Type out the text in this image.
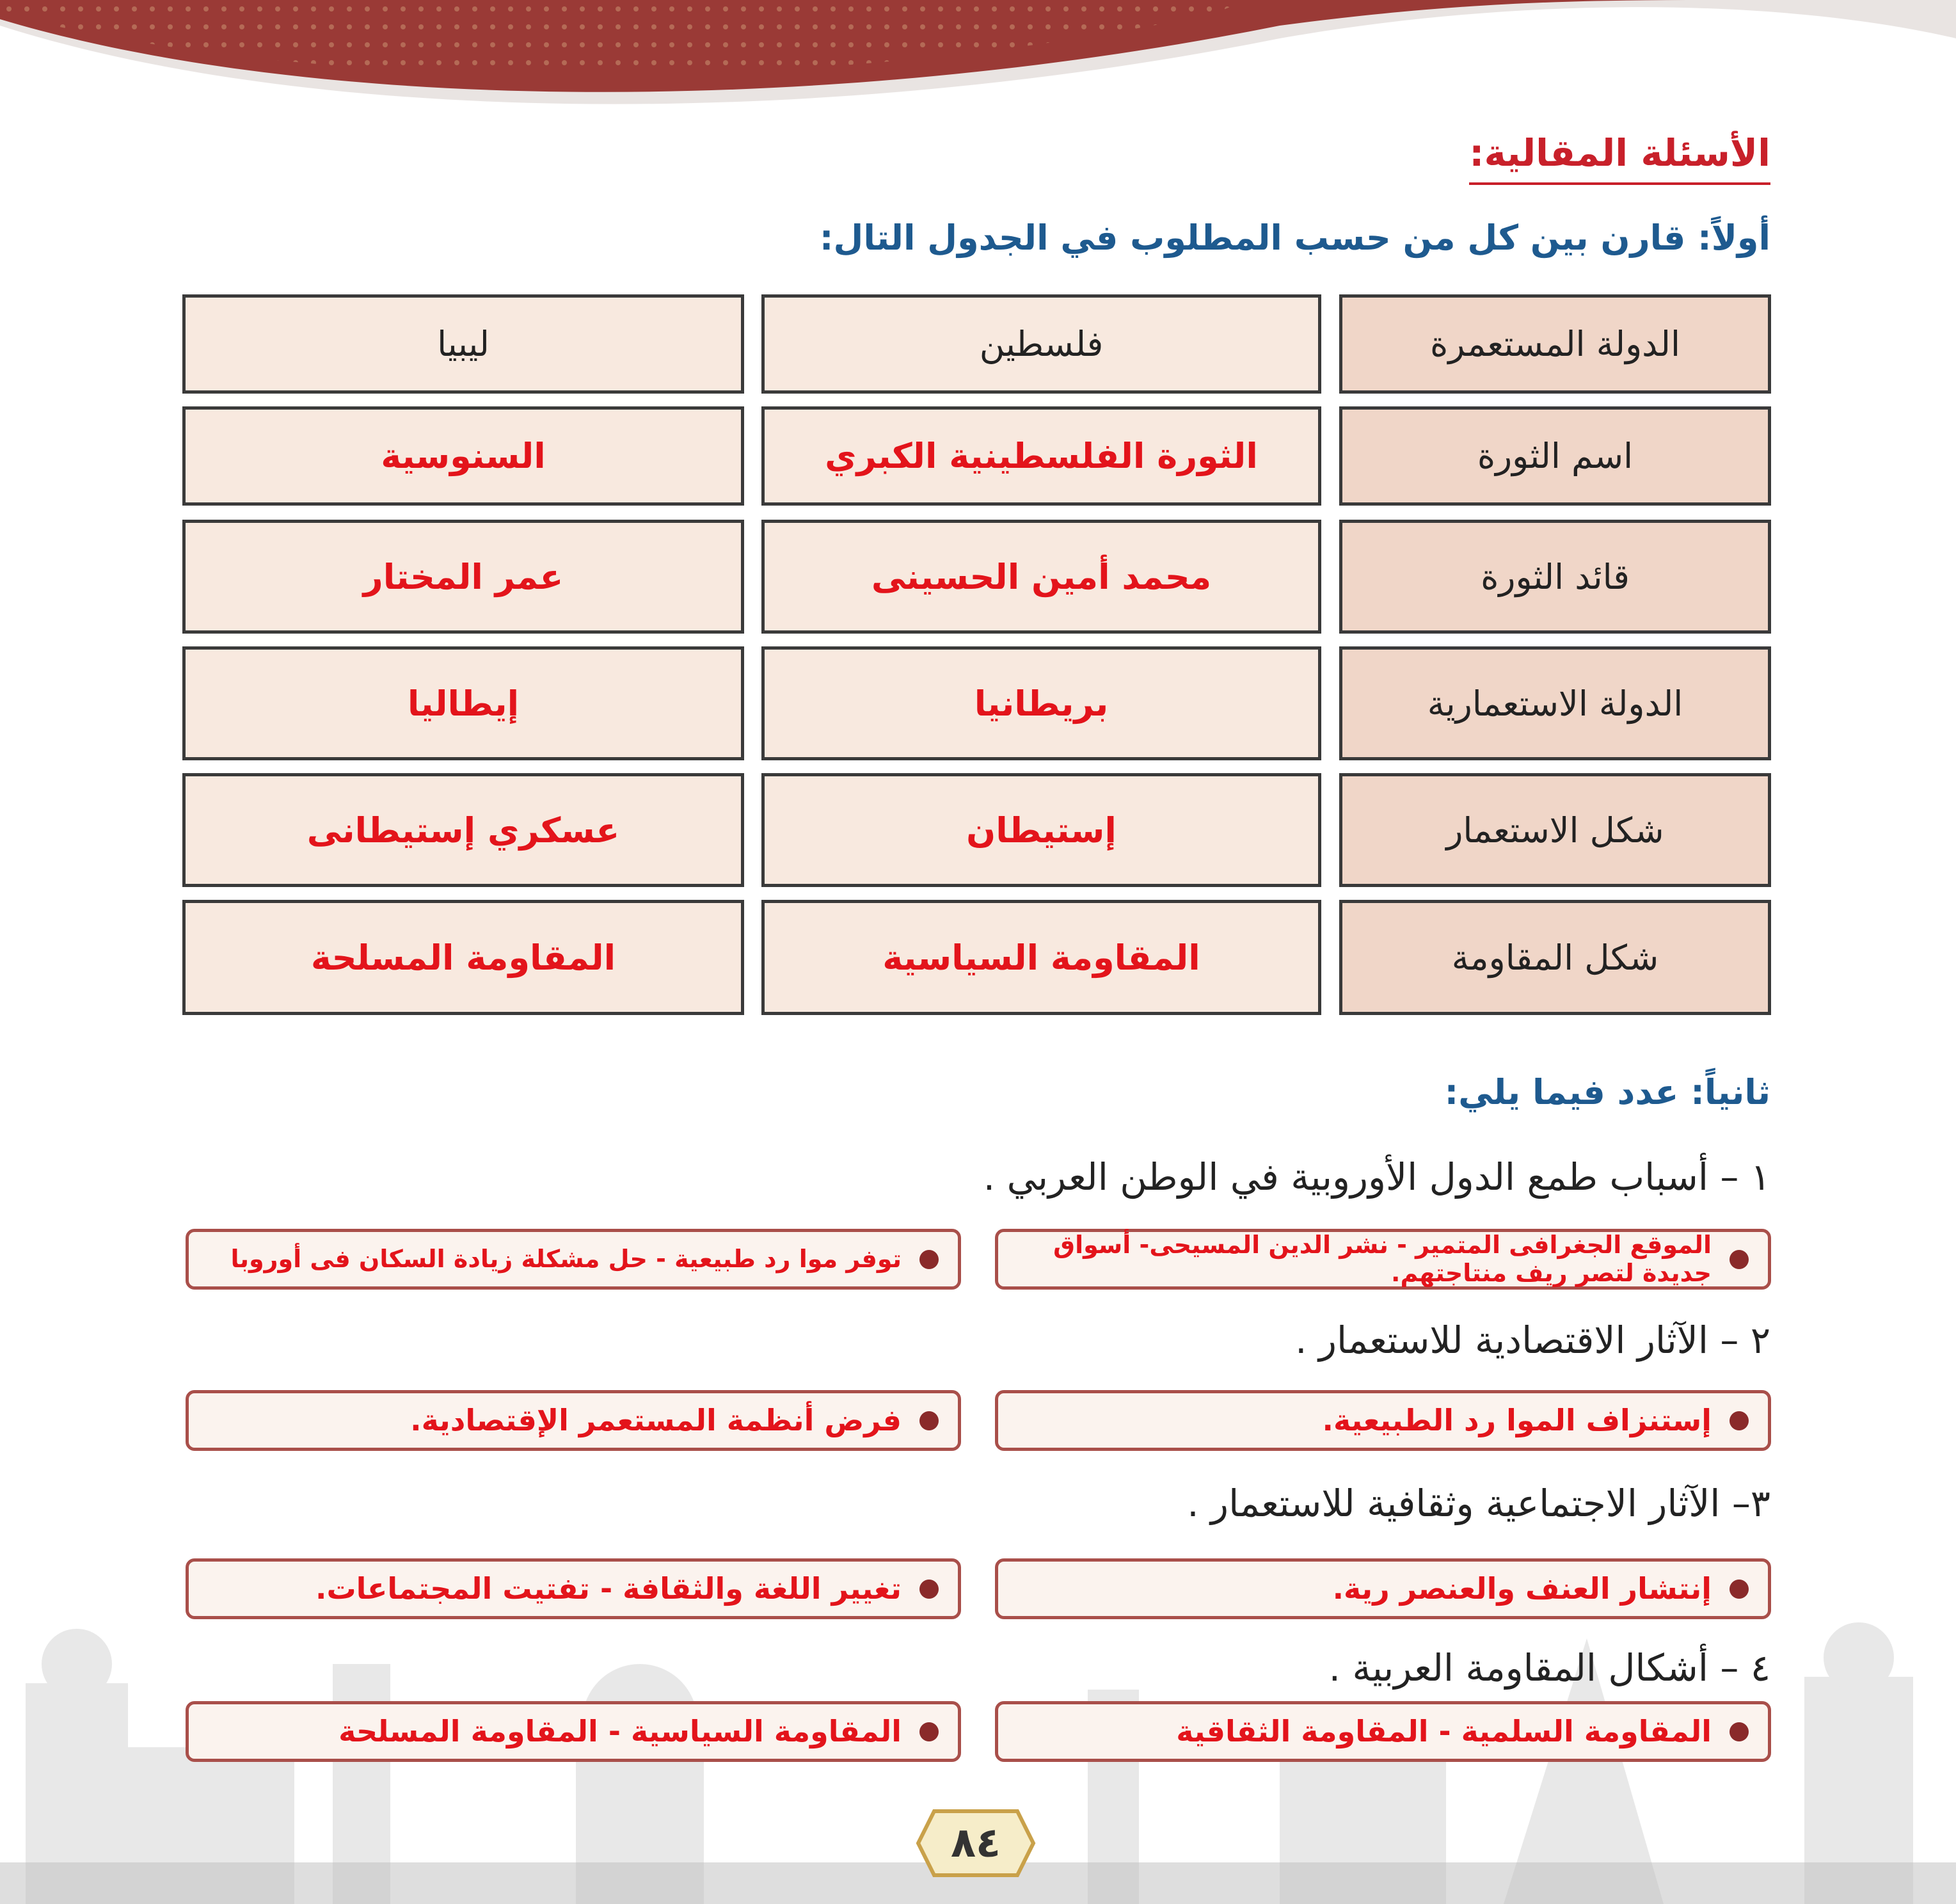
الأسئلة المقالية:
أولاً: قارن بين كل من حسب المطلوب في الجدول التال:
الدولة المستعمرة
فلسطين
ليبيا
اسم الثورة
الثورة الفلسطينية الكبري
السنوسية
قائد الثورة
محمد أمين الحسينى
عمر المختار
الدولة الاستعمارية
بريطانيا
إيطاليا
شكل الاستعمار
إستيطان
عسكري إستيطانى
شكل المقاومة
المقاومة السياسية
المقاومة المسلحة
ثانياً: عدد فيما يلي:
١ – أسباب طمع الدول الأوروبية في الوطن العربي .
الموقع الجغرافى المتمير - نشر الدين المسيحى- أسواق جديدة لتصر ريف منتاجتهم.
توفر موا رد طبيعية - حل مشكلة زيادة السكان فى أوروبا
٢ – الآثار الاقتصادية للاستعمار .
إستنزاف الموا رد الطبيعية.
فرض أنظمة المستعمر الإقتصادية.
٣– الآثار الاجتماعية وثقافية للاستعمار .
إنتشار العنف والعنصر رية.
تغيير اللغة والثقافة - تفتيت المجتماعات.
٤ – أشكال المقاومة العربية .
المقاومة السلمية - المقاومة الثقاقية
المقاومة السياسية - المقاومة المسلحة
٨٤
